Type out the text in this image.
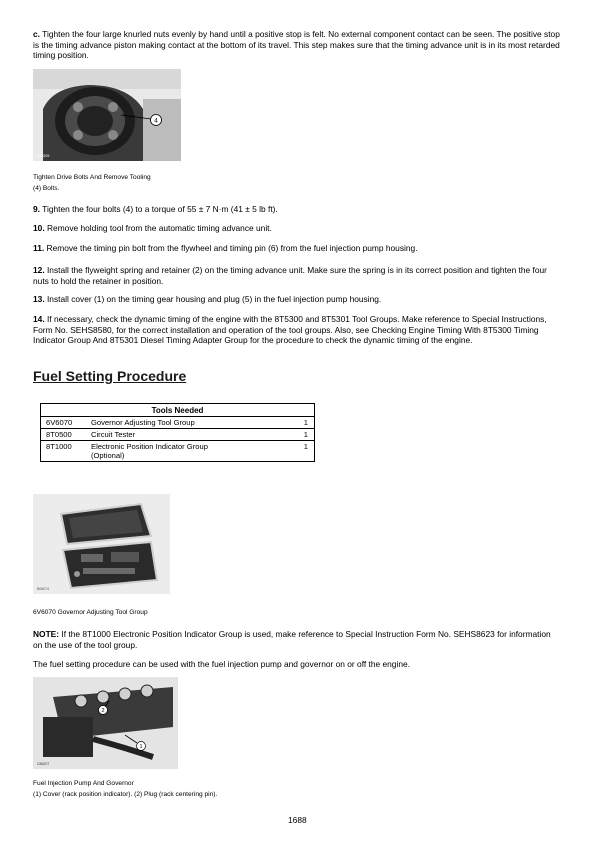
c. Tighten the four large knurled nuts evenly by hand until a positive stop is felt. No external component contact can be seen. The positive stop is the timing advance piston making contact at the bottom of its travel. This step makes sure that the timing advance unit is in its most retarded timing position.
4
C86209
Tighten Drive Bolts And Remove Tooling
(4) Bolts.
9. Tighten the four bolts (4) to a torque of 55 ± 7 N·m (41 ± 5 lb ft).
10. Remove holding tool from the automatic timing advance unit.
11. Remove the timing pin bolt from the flywheel and timing pin (6) from the fuel injection pump housing.
12. Install the flyweight spring and retainer (2) on the timing advance unit. Make sure the spring is in its correct position and tighten the four nuts to hold the retainer in position.
13. Install cover (1) on the timing gear housing and plug (5) in the fuel injection pump housing.
14. If necessary, check the dynamic timing of the engine with the 8T5300 and 8T5301 Tool Groups. Make reference to Special Instructions, Form No. SEHS8580, for the correct installation and operation of the tool groups. Also, see Checking Engine Timing With 8T5300 Timing Indicator Group And 8T5301 Diesel Timing Adapter Group for the procedure to check the dynamic timing of the engine.
Fuel Setting Procedure
Tools Needed		
6V6070	Governor Adjusting Tool Group	1
8T0500	Circuit Tester	1
8T1000	Electronic Position Indicator Group
(Optional)	1
B06074
6V6070 Governor Adjusting Tool Group
NOTE: If the 8T1000 Electronic Position Indicator Group is used, make reference to Special Instruction Form No. SEHS8623 for information on the use of the tool group.
The fuel setting procedure can be used with the fuel injection pump and governor on or off the engine.
2
1
C86207
Fuel Injection Pump And Governor
(1) Cover (rack position indicator). (2) Plug (rack centering pin).
1688
